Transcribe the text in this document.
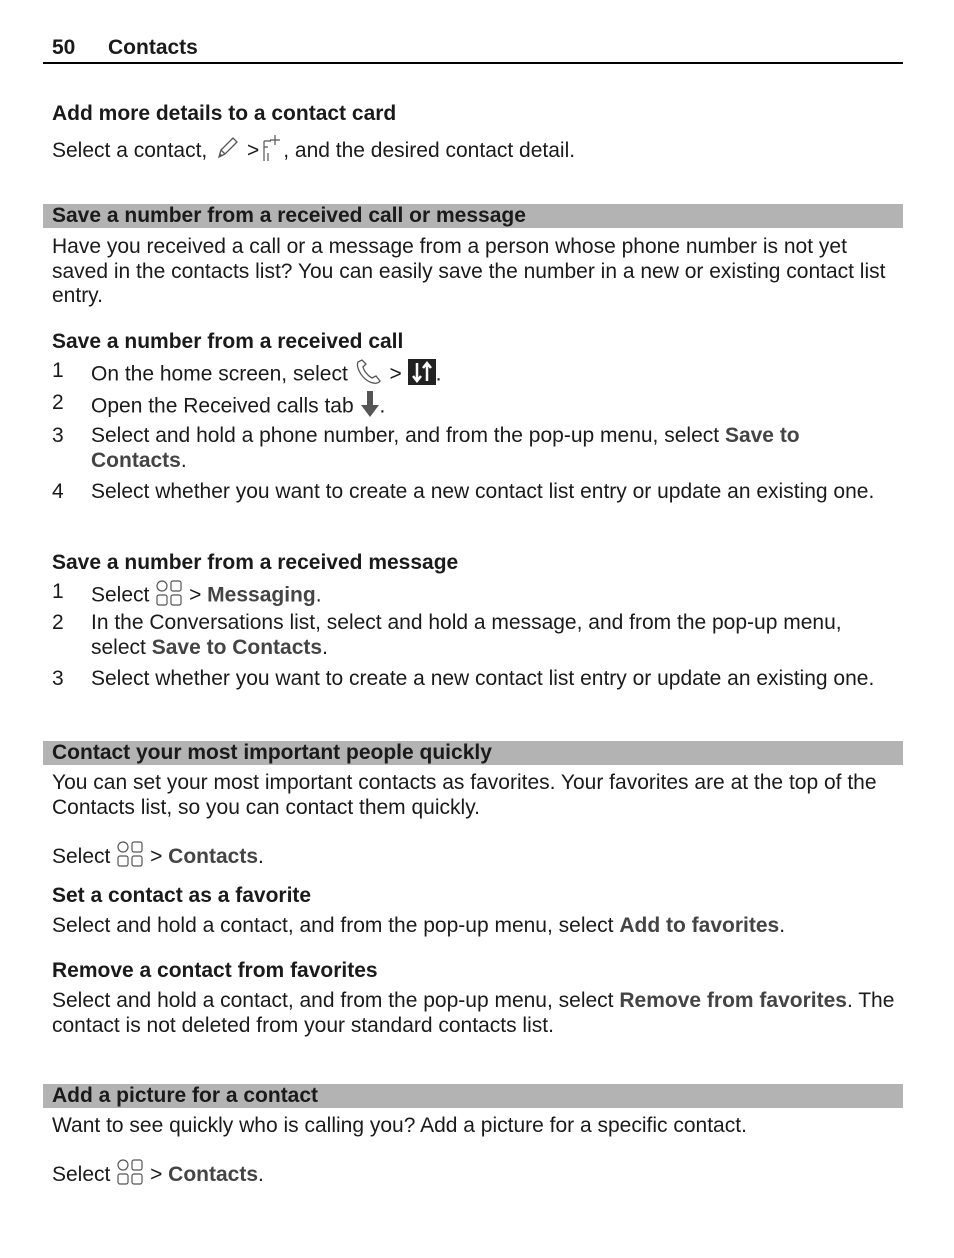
50 Contacts
Add more details to a contact card
Select a contact, > , and the desired contact detail.
Save a number from a received call or message
Have you received a call or a message from a person whose phone number is not yet saved in the contacts list? You can easily save the number in a new or existing contact list entry.
Save a number from a received call
1 On the home screen, select > .
2 Open the Received calls tab .
3 Select and hold a phone number, and from the pop-up menu, select Save to Contacts.
4 Select whether you want to create a new contact list entry or update an existing one.
Save a number from a received message
1 Select > Messaging.
2 In the Conversations list, select and hold a message, and from the pop-up menu, select Save to Contacts.
3 Select whether you want to create a new contact list entry or update an existing one.
Contact your most important people quickly
You can set your most important contacts as favorites. Your favorites are at the top of the Contacts list, so you can contact them quickly.
Select > Contacts.
Set a contact as a favorite
Select and hold a contact, and from the pop-up menu, select Add to favorites.
Remove a contact from favorites
Select and hold a contact, and from the pop-up menu, select Remove from favorites. The contact is not deleted from your standard contacts list.
Add a picture for a contact
Want to see quickly who is calling you? Add a picture for a specific contact.
Select > Contacts.
